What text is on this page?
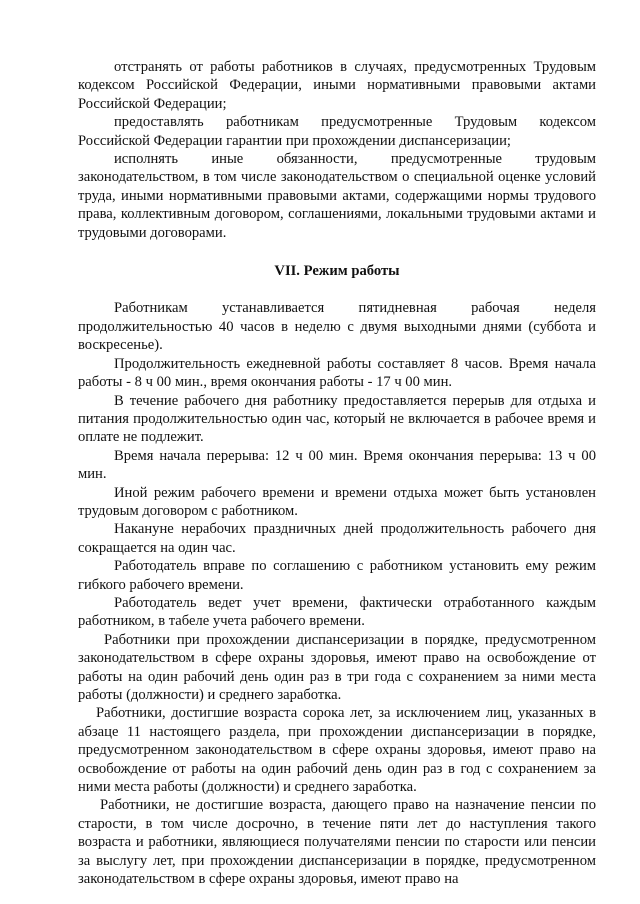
отстранять от работы работников в случаях, предусмотренных Трудовым кодексом Российской Федерации, иными нормативными правовыми актами Российской Федерации;

предоставлять работникам предусмотренные Трудовым кодексом Российской Федерации гарантии при прохождении диспансеризации;

исполнять иные обязанности, предусмотренные трудовым законодательством, в том числе законодательством о специальной оценке условий труда, иными нормативными правовыми актами, содержащими нормы трудового права, коллективным договором, соглашениями, локальными трудовыми актами и трудовыми договорами.

VII. Режим работы

Работникам устанавливается пятидневная рабочая неделя продолжительностью 40 часов в неделю с двумя выходными днями (суббота и воскресенье).

Продолжительность ежедневной работы составляет 8 часов. Время начала работы - 8 ч 00 мин., время окончания работы - 17 ч 00 мин.

В течение рабочего дня работнику предоставляется перерыв для отдыха и питания продолжительностью один час, который не включается в рабочее время и оплате не подлежит.

Время начала перерыва: 12 ч 00 мин. Время окончания перерыва: 13 ч 00 мин.

Иной режим рабочего времени и времени отдыха может быть установлен трудовым договором с работником.

Накануне нерабочих праздничных дней продолжительность рабочего дня сокращается на один час.

Работодатель вправе по соглашению с работником установить ему режим гибкого рабочего времени.

Работодатель ведет учет времени, фактически отработанного каждым работником, в табеле учета рабочего времени.

Работники при прохождении диспансеризации в порядке, предусмотренном законодательством в сфере охраны здоровья, имеют право на освобождение от работы на один рабочий день один раз в три года с сохранением за ними места работы (должности) и среднего заработка.

Работники, достигшие возраста сорока лет, за исключением лиц, указанных в абзаце 11 настоящего раздела, при прохождении диспансеризации в порядке, предусмотренном законодательством в сфере охраны здоровья, имеют право на освобождение от работы на один рабочий день один раз в год с сохранением за ними места работы (должности) и среднего заработка.

Работники, не достигшие возраста, дающего право на назначение пенсии по старости, в том числе досрочно, в течение пяти лет до наступления такого возраста и работники, являющиеся получателями пенсии по старости или пенсии за выслугу лет, при прохождении диспансеризации в порядке, предусмотренном законодательством в сфере охраны здоровья, имеют право на
